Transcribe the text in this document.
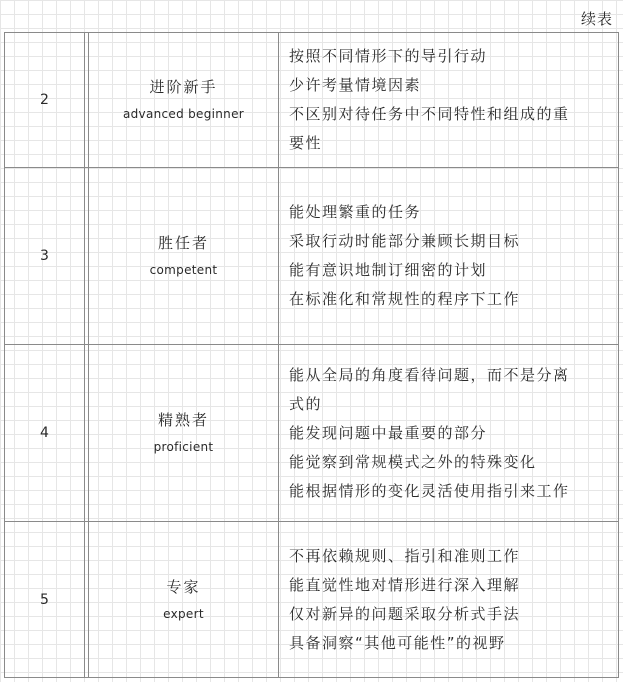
续表
2
进阶新手
advanced beginner
按照不同情形下的导引行动
少许考量情境因素
不区别对待任务中不同特性和组成的重
要性
3
胜任者
competent
能处理繁重的任务
采取行动时能部分兼顾长期目标
能有意识地制订细密的计划
在标准化和常规性的程序下工作
4
精熟者
proficient
能从全局的角度看待问题，而不是分离
式的
能发现问题中最重要的部分
能觉察到常规模式之外的特殊变化
能根据情形的变化灵活使用指引来工作
5
专家
expert
不再依赖规则、指引和准则工作
能直觉性地对情形进行深入理解
仅对新异的问题采取分析式手法
具备洞察“其他可能性”的视野
